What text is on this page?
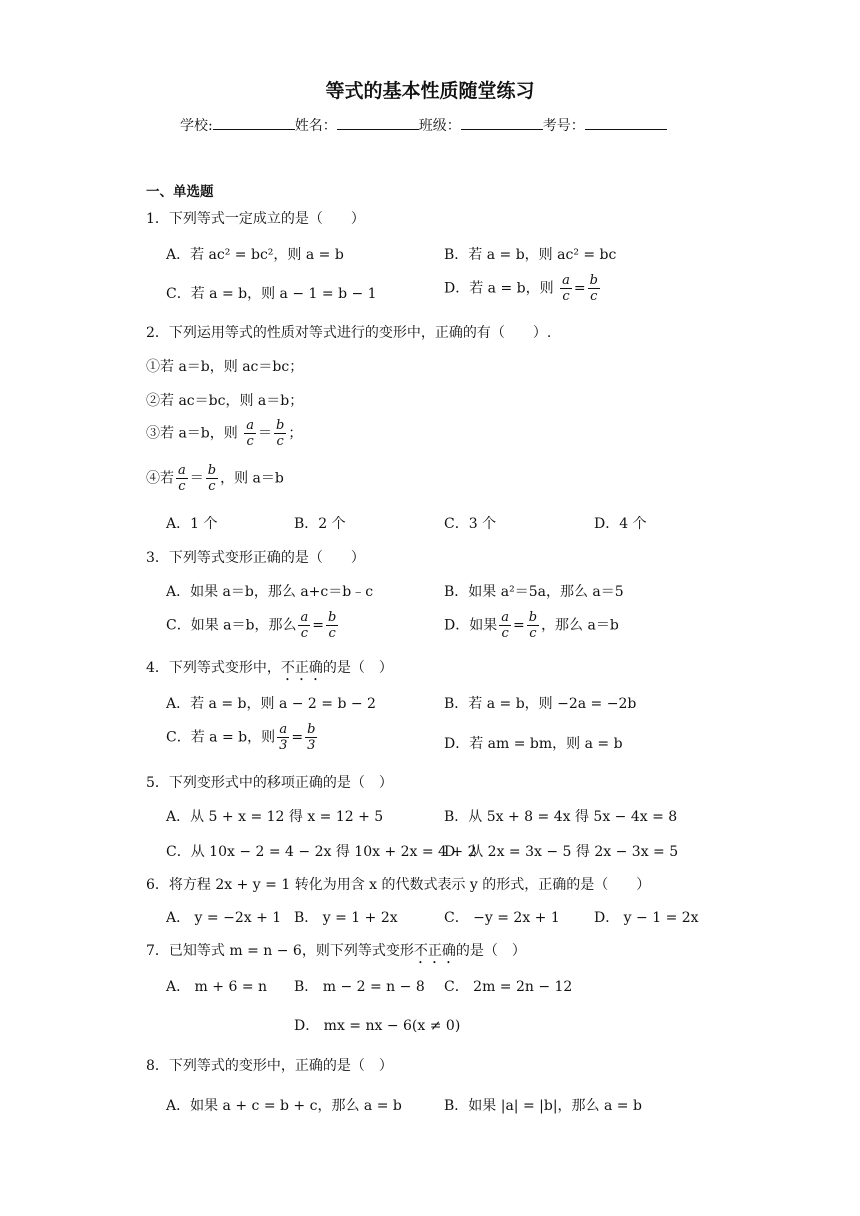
等式的基本性质随堂练习
学校:	姓名：	班级：	考号：
一、单选题
1．下列等式一定成立的是（　　）
A．若 ac² = bc²，则 a = b	B．若 a = b，则 ac² = bc
C．若 a = b，则 a − 1 = b − 1	D．若 a = b，则 $\frac{a}{c} = \frac{b}{c}$
2．下列运用等式的性质对等式进行的变形中，正确的有（　　）.
①若 a＝b，则 ac＝bc；
②若 ac＝bc，则 a＝b；
③若 a＝b，则 $\frac{a}{c} = \frac{b}{c}$ ；
④若 $\frac{a}{c} = \frac{b}{c}$ ，则 a＝b
A．1 个	B．2 个	C．3 个	D．4 个
3．下列等式变形正确的是（　　）
A．如果 a＝b，那么 a+c＝b﹣c	B．如果 a²＝5a，那么 a＝5
C．如果 a＝b，那么 $\frac{a}{c} = \frac{b}{c}$	D．如果 $\frac{a}{c} = \frac{b}{c}$ ，那么 a＝b
4．下列等式变形中，不正确的是（　）
A．若 a = b，则 a − 2 = b − 2	B．若 a = b，则 −2a = −2b
C．若 a = b，则 $\frac{a}{3} = \frac{b}{3}$	D．若 am = bm，则 a = b
5．下列变形式中的移项正确的是（　）
A．从 5 + x = 12 得 x = 12 + 5	B．从 5x + 8 = 4x 得 5x − 4x = 8
C．从 10x − 2 = 4 − 2x 得 10x + 2x = 4 + 2
D．从 2x = 3x − 5 得 2x − 3x = 5
6．将方程 2x + y = 1 转化为用含 x 的代数式表示 y 的形式，正确的是（　　）
A． y = −2x + 1 B． y = 1 + 2x	C． −y = 2x + 1 D． y − 1 = 2x
7．已知等式 m = n − 6，则下列等式变形不正确的是（　）
A． m + 6 = n B． m − 2 = n − 8 C． 2m = 2n − 12
D． mx = nx − 6(x ≠ 0)
8．下列等式的变形中，正确的是（　）
A．如果 a + c = b + c，那么 a = b	B．如果 |a| = |b|，那么 a = b
